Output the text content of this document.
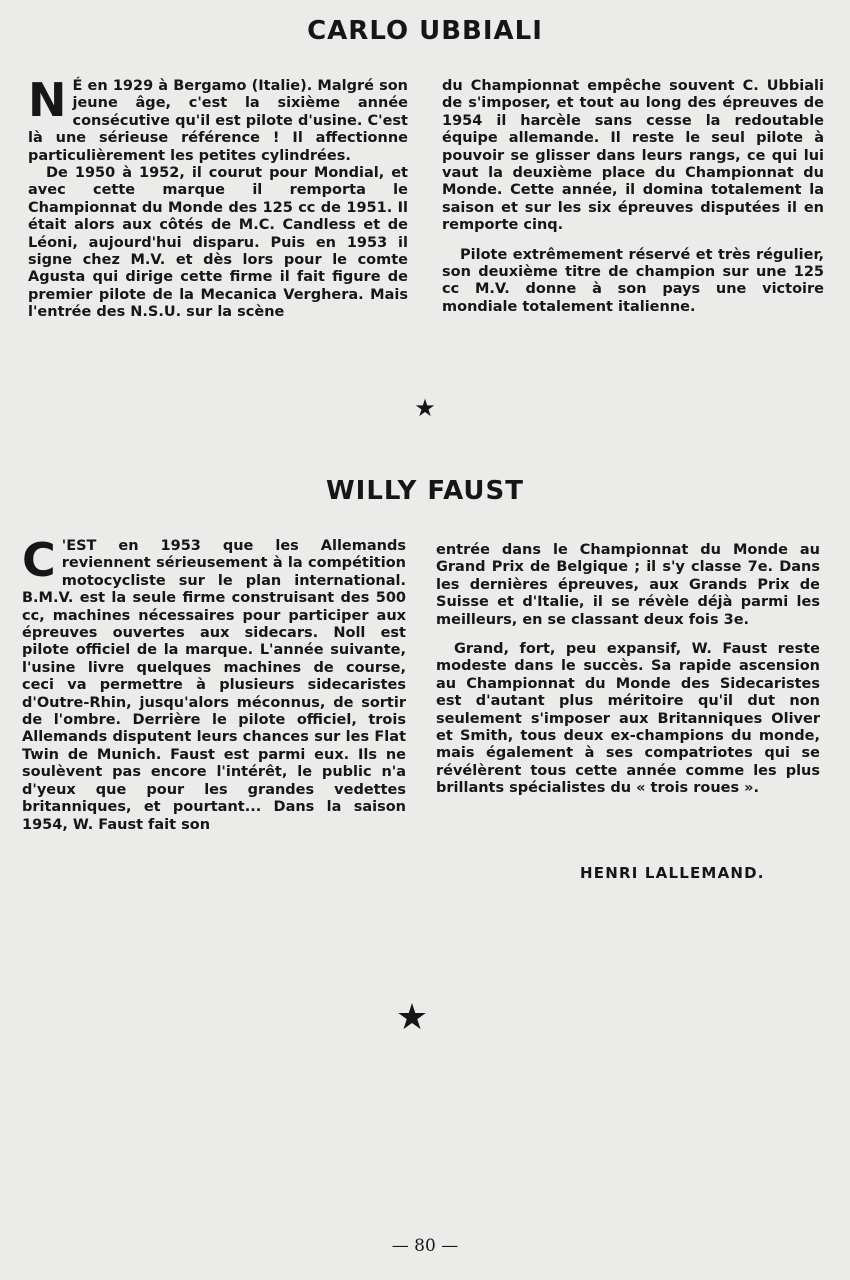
CARLO UBBIALI

N É en 1929 à Bergamo (Italie). Malgré son jeune âge, c'est la sixième année consécutive qu'il est pilote d'usine. C'est là une sérieuse référence ! Il affectionne particulièrement les petites cylindrées.

De 1950 à 1952, il courut pour Mondial, et avec cette marque il remporta le Championnat du Monde des 125 cc de 1951. Il était alors aux côtés de M.C. Candless et de Léoni, aujourd'hui disparu. Puis en 1953 il signe chez M.V. et dès lors pour le comte Agusta qui dirige cette firme il fait figure de premier pilote de la Mecanica Verghera. Mais l'entrée des N.S.U. sur la scène

du Championnat empêche souvent C. Ubbiali de s'imposer, et tout au long des épreuves de 1954 il harcèle sans cesse la redoutable équipe allemande. Il reste le seul pilote à pouvoir se glisser dans leurs rangs, ce qui lui vaut la deuxième place du Championnat du Monde. Cette année, il domina totalement la saison et sur les six épreuves disputées il en remporte cinq.

Pilote extrêmement réservé et très régulier, son deuxième titre de champion sur une 125 cc M.V. donne à son pays une victoire mondiale totalement italienne.

★
WILLY FAUST

C 'EST en 1953 que les Allemands reviennent sérieusement à la compétition motocycliste sur le plan international. B.M.V. est la seule firme construisant des 500 cc, machines nécessaires pour participer aux épreuves ouvertes aux sidecars. Noll est pilote officiel de la marque. L'année suivante, l'usine livre quelques machines de course, ceci va permettre à plusieurs sidecaristes d'Outre-Rhin, jusqu'alors méconnus, de sortir de l'ombre. Derrière le pilote officiel, trois Allemands disputent leurs chances sur les Flat Twin de Munich. Faust est parmi eux. Ils ne soulèvent pas encore l'intérêt, le public n'a d'yeux que pour les grandes vedettes britanniques, et pourtant... Dans la saison 1954, W. Faust fait son

entrée dans le Championnat du Monde au Grand Prix de Belgique ; il s'y classe 7e. Dans les dernières épreuves, aux Grands Prix de Suisse et d'Italie, il se révèle déjà parmi les meilleurs, en se classant deux fois 3e.

Grand, fort, peu expansif, W. Faust reste modeste dans le succès. Sa rapide ascension au Championnat du Monde des Sidecaristes est d'autant plus méritoire qu'il dut non seulement s'imposer aux Britanniques Oliver et Smith, tous deux ex-champions du monde, mais également à ses compatriotes qui se révélèrent tous cette année comme les plus brillants spécialistes du « trois roues ».

HENRI LALLEMAND.
★
— 80 —
